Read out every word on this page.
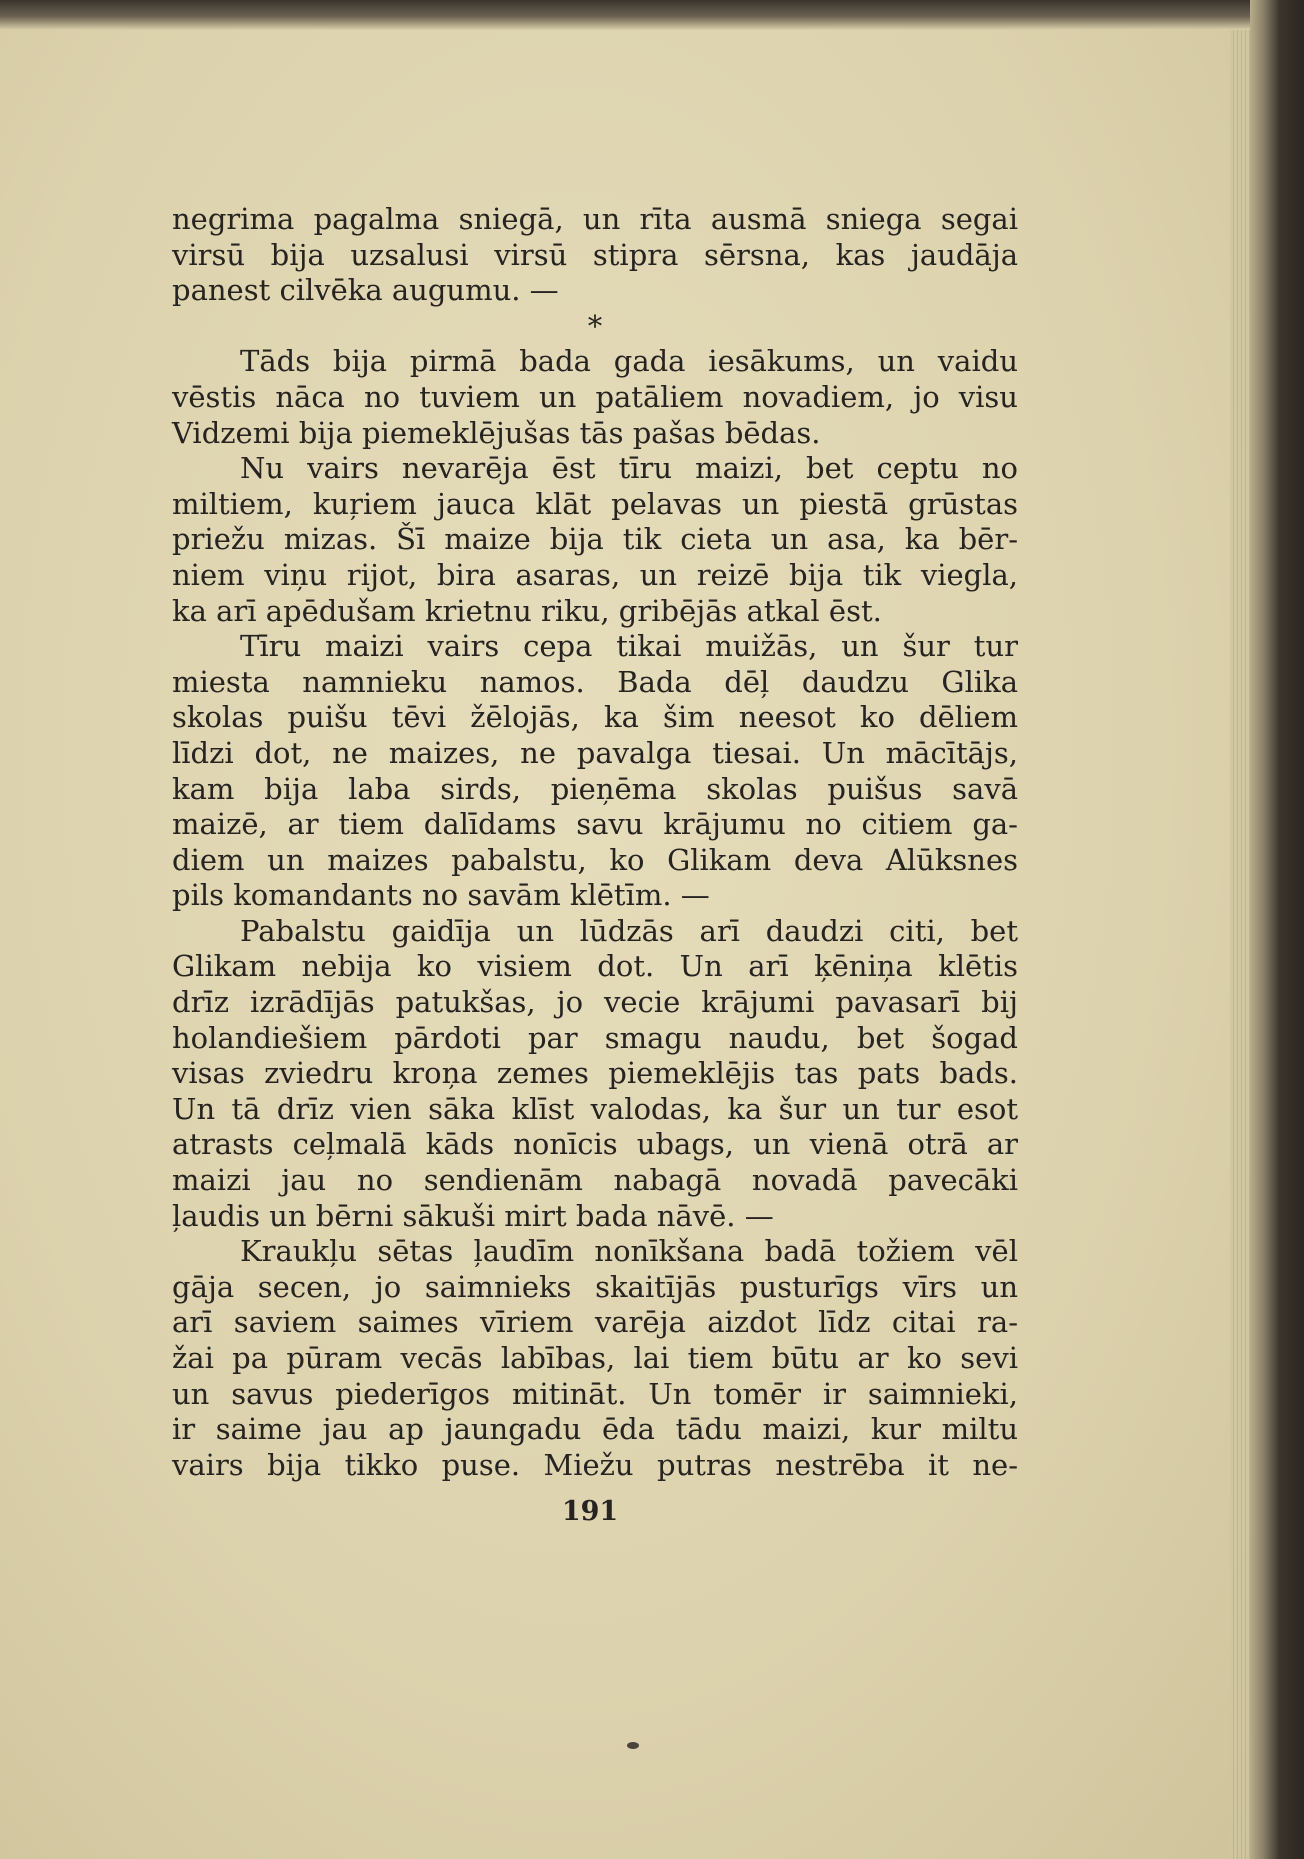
negrima pagalma sniegā, un rīta ausmā sniega segai
virsū bija uzsalusi virsū stipra sērsna, kas jaudāja
panest cilvēka augumu. —
*
Tāds bija pirmā bada gada iesākums, un vaidu
vēstis nāca no tuviem un patāliem novadiem, jo visu
Vidzemi bija piemeklējušas tās pašas bēdas.
Nu vairs nevarēja ēst tīru maizi, bet ceptu no
miltiem, kuŗiem jauca klāt pelavas un piestā grūstas
priežu mizas. Šī maize bija tik cieta un asa, ka bēr-
niem viņu rijot, bira asaras, un reizē bija tik viegla,
ka arī apēdušam krietnu riku, gribējās atkal ēst.
Tīru maizi vairs cepa tikai muižās, un šur tur
miesta namnieku namos. Bada dēļ daudzu Glika
skolas puišu tēvi žēlojās, ka šim neesot ko dēliem
līdzi dot, ne maizes, ne pavalga tiesai. Un mācītājs,
kam bija laba sirds, pieņēma skolas puišus savā
maizē, ar tiem dalīdams savu krājumu no citiem ga-
diem un maizes pabalstu, ko Glikam deva Alūksnes
pils komandants no savām klētīm. —
Pabalstu gaidīja un lūdzās arī daudzi citi, bet
Glikam nebija ko visiem dot. Un arī ķēniņa klētis
drīz izrādījās patukšas, jo vecie krājumi pavasarī bij
holandiešiem pārdoti par smagu naudu, bet šogad
visas zviedru kroņa zemes piemeklējis tas pats bads.
Un tā drīz vien sāka klīst valodas, ka šur un tur esot
atrasts ceļmalā kāds nonīcis ubags, un vienā otrā ar
maizi jau no sendienām nabagā novadā pavecāki
ļaudis un bērni sākuši mirt bada nāvē. —
Kraukļu sētas ļaudīm nonīkšana badā tožiem vēl
gāja secen, jo saimnieks skaitījās pusturīgs vīrs un
arī saviem saimes vīriem varēja aizdot līdz citai ra-
žai pa pūram vecās labības, lai tiem būtu ar ko sevi
un savus piederīgos mitināt. Un tomēr ir saimnieki,
ir saime jau ap jaungadu ēda tādu maizi, kur miltu
vairs bija tikko puse. Miežu putras nestrēba it ne-
191
